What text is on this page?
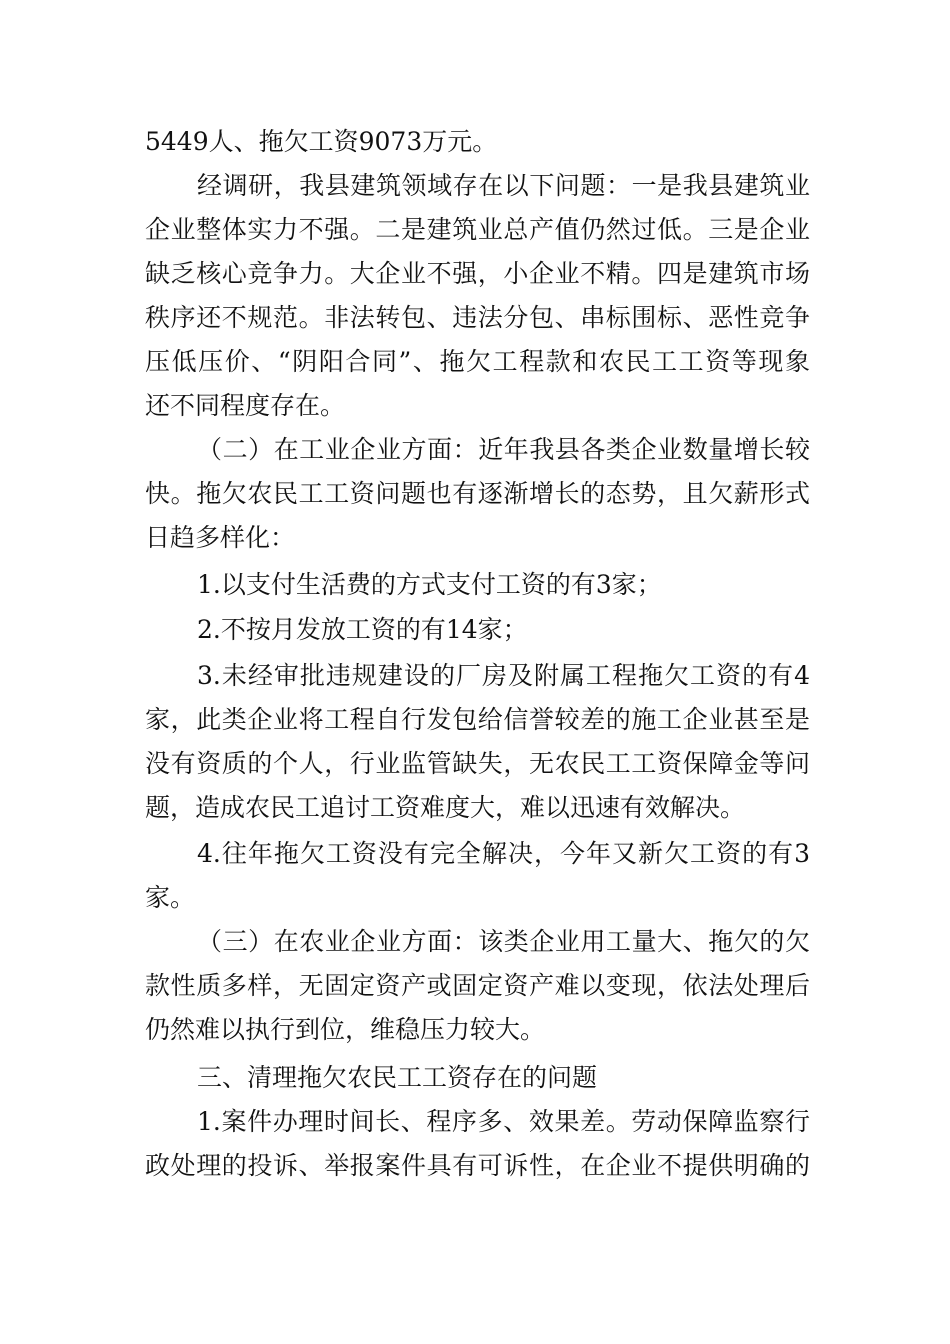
5449人、拖欠工资9073万元。
经调研，我县建筑领域存在以下问题：一是我县建筑业
企业整体实力不强。二是建筑业总产值仍然过低。三是企业
缺乏核心竞争力。大企业不强，小企业不精。四是建筑市场
秩序还不规范。非法转包、违法分包、串标围标、恶性竞争
压低压价、“阴阳合同”、拖欠工程款和农民工工资等现象
还不同程度存在。
（二）在工业企业方面：近年我县各类企业数量增长较
快。拖欠农民工工资问题也有逐渐增长的态势，且欠薪形式
日趋多样化：
1.以支付生活费的方式支付工资的有3家；
2.不按月发放工资的有14家；
3.未经审批违规建设的厂房及附属工程拖欠工资的有4
家，此类企业将工程自行发包给信誉较差的施工企业甚至是
没有资质的个人，行业监管缺失，无农民工工资保障金等问
题，造成农民工追讨工资难度大，难以迅速有效解决。
4.往年拖欠工资没有完全解决，今年又新欠工资的有3
家。
（三）在农业企业方面：该类企业用工量大、拖欠的欠
款性质多样，无固定资产或固定资产难以变现，依法处理后
仍然难以执行到位，维稳压力较大。
三、清理拖欠农民工工资存在的问题
1.案件办理时间长、程序多、效果差。劳动保障监察行
政处理的投诉、举报案件具有可诉性，在企业不提供明确的
